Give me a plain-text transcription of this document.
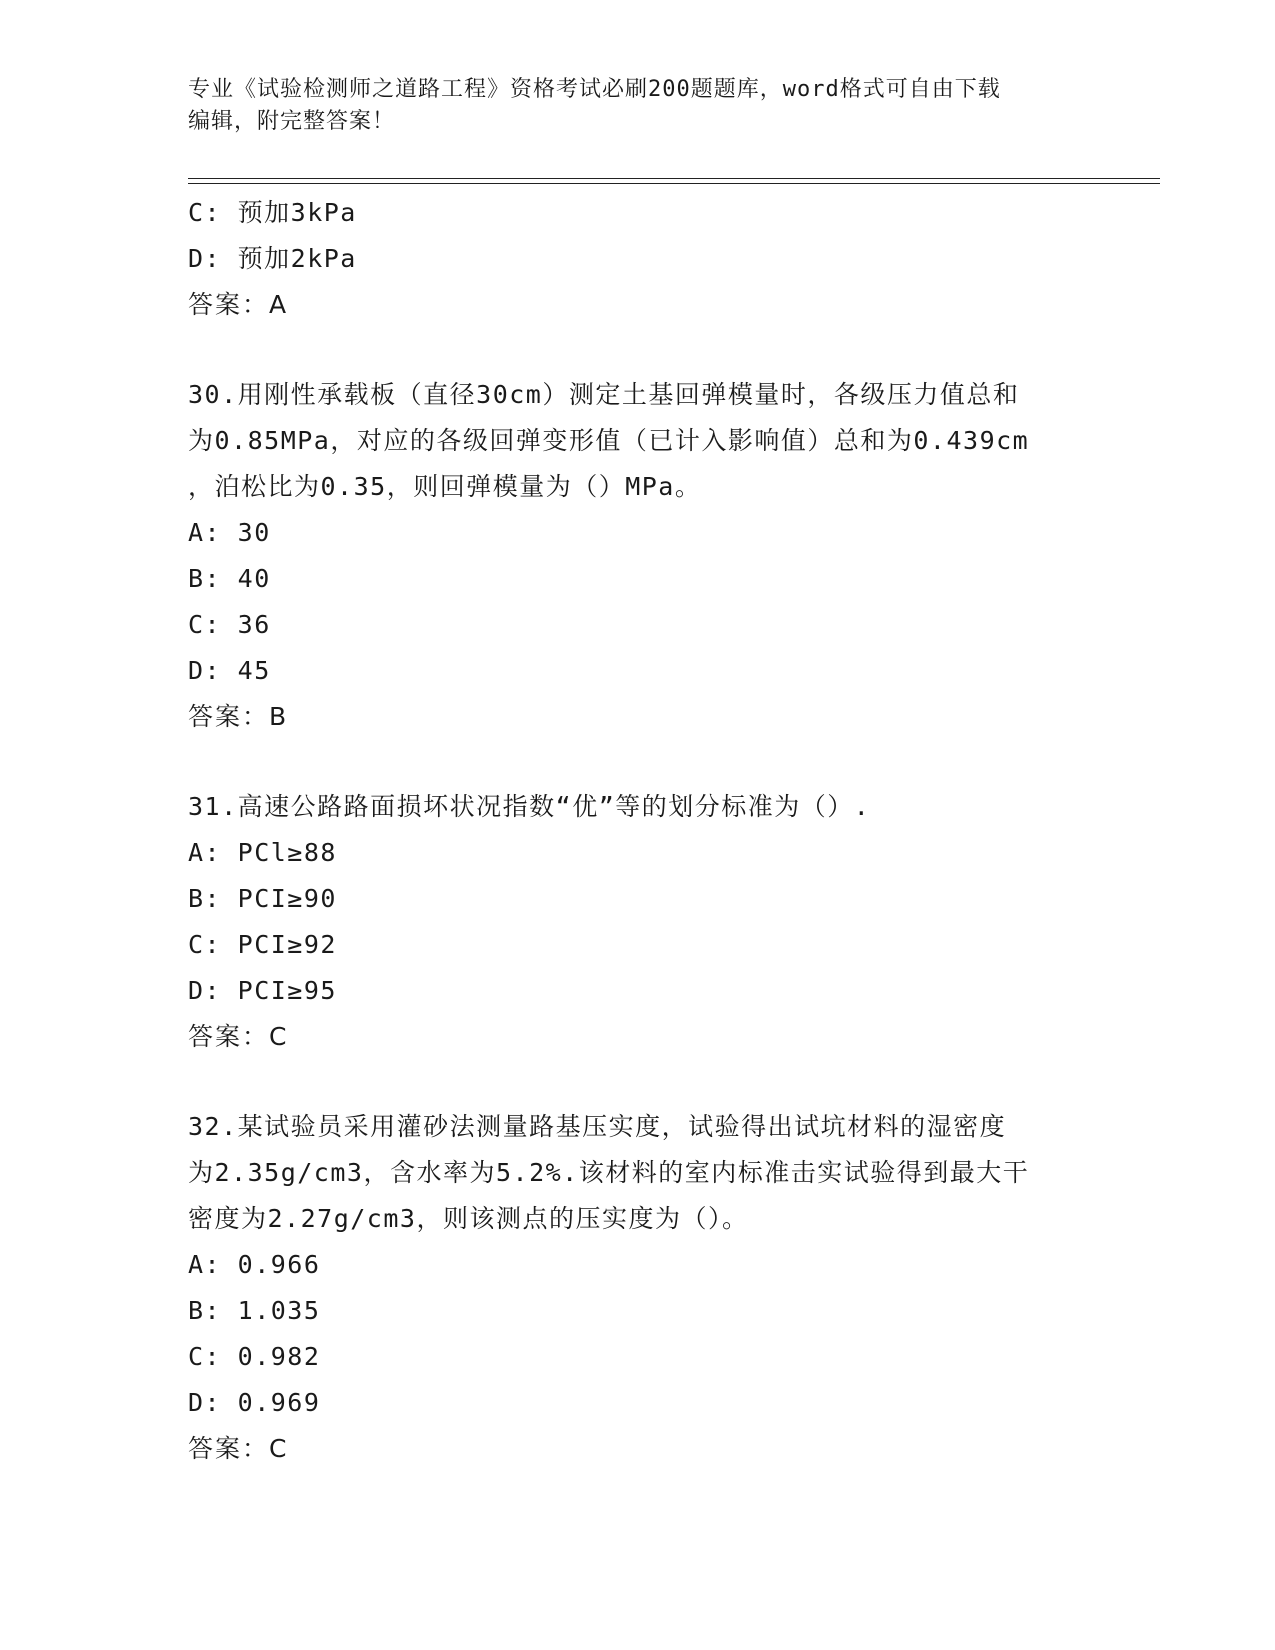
专业《试验检测师之道路工程》资格考试必刷200题题库，word格式可自由下载
编辑，附完整答案！
C: 预加3kPa
D: 预加2kPa
答案：A
30.用刚性承载板（直径30cm）测定土基回弹模量时，各级压力值总和
为0.85MPa，对应的各级回弹变形值（已计入影响值）总和为0.439cm
，泊松比为0.35，则回弹模量为（）MPa。
A: 30
B: 40
C: 36
D: 45
答案：B
31.高速公路路面损坏状况指数“优”等的划分标准为（）.
A: PCl≥88
B: PCI≥90
C: PCI≥92
D: PCI≥95
答案：C
32.某试验员采用灌砂法测量路基压实度，试验得出试坑材料的湿密度
为2.35g/cm3，含水率为5.2%.该材料的室内标准击实试验得到最大干
密度为2.27g/cm3，则该测点的压实度为（）。
A: 0.966
B: 1.035
C: 0.982
D: 0.969
答案：C
